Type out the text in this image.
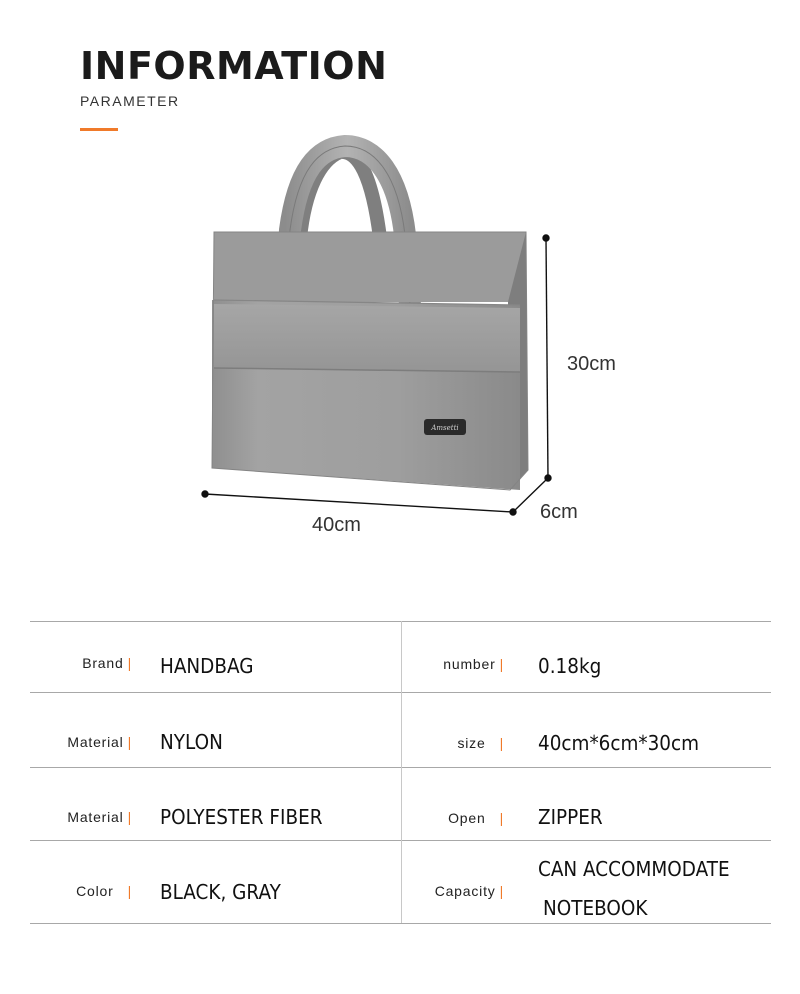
INFORMATION
PARAMETER
Amsetti
30cm
40cm
6cm
Brand | HANDBAG	number | 0.18kg
Material | NYLON	size | 40cm*6cm*30cm
Material | POLYESTER FIBER	Open | ZIPPER
Color | BLACK, GRAY	Capacity |
CAN ACCOMMODATE
NOTEBOOK
